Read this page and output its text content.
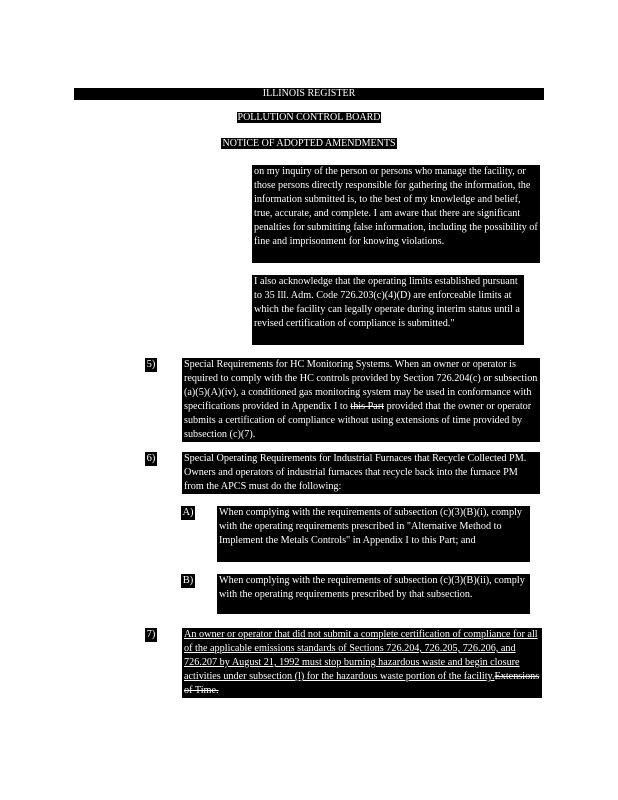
ILLINOIS REGISTER
POLLUTION CONTROL BOARD
NOTICE OF ADOPTED AMENDMENTS
on my inquiry of the person or persons who manage the facility, or those persons directly responsible for gathering the information, the information submitted is, to the best of my knowledge and belief, true, accurate, and complete. I am aware that there are significant penalties for submitting false information, including the possibility of fine and imprisonment for knowing violations.
I also acknowledge that the operating limits established pursuant to 35 Ill. Adm. Code 726.203(c)(4)(D) are enforceable limits at which the facility can legally operate during interim status until a revised certification of compliance is submitted."
5)	Special Requirements for HC Monitoring Systems. When an owner or operator is required to comply with the HC controls provided by Section 726.204(c) or subsection (a)(5)(A)(iv), a conditioned gas monitoring system may be used in conformance with specifications provided in Appendix I to this Part provided that the owner or operator submits a certification of compliance without using extensions of time provided by subsection (c)(7).
6)	Special Operating Requirements for Industrial Furnaces that Recycle Collected PM. Owners and operators of industrial furnaces that recycle back into the furnace PM from the APCS must do the following:
A) When complying with the requirements of subsection (c)(3)(B)(i), comply with the operating requirements prescribed in "Alternative Method to Implement the Metals Controls" in Appendix I to this Part; and
B)	When complying with the requirements of subsection (c)(3)(B)(ii), comply with the operating requirements prescribed by that subsection.
7)	An owner or operator that did not submit a complete certification of compliance for all of the applicable emissions standards of Sections 726.204, 726.205, 726.206, and 726.207 by August 21, 1992 must stop burning hazardous waste and begin closure activities under subsection (l) for the hazardous waste portion of the facility.Extensions of Time.
